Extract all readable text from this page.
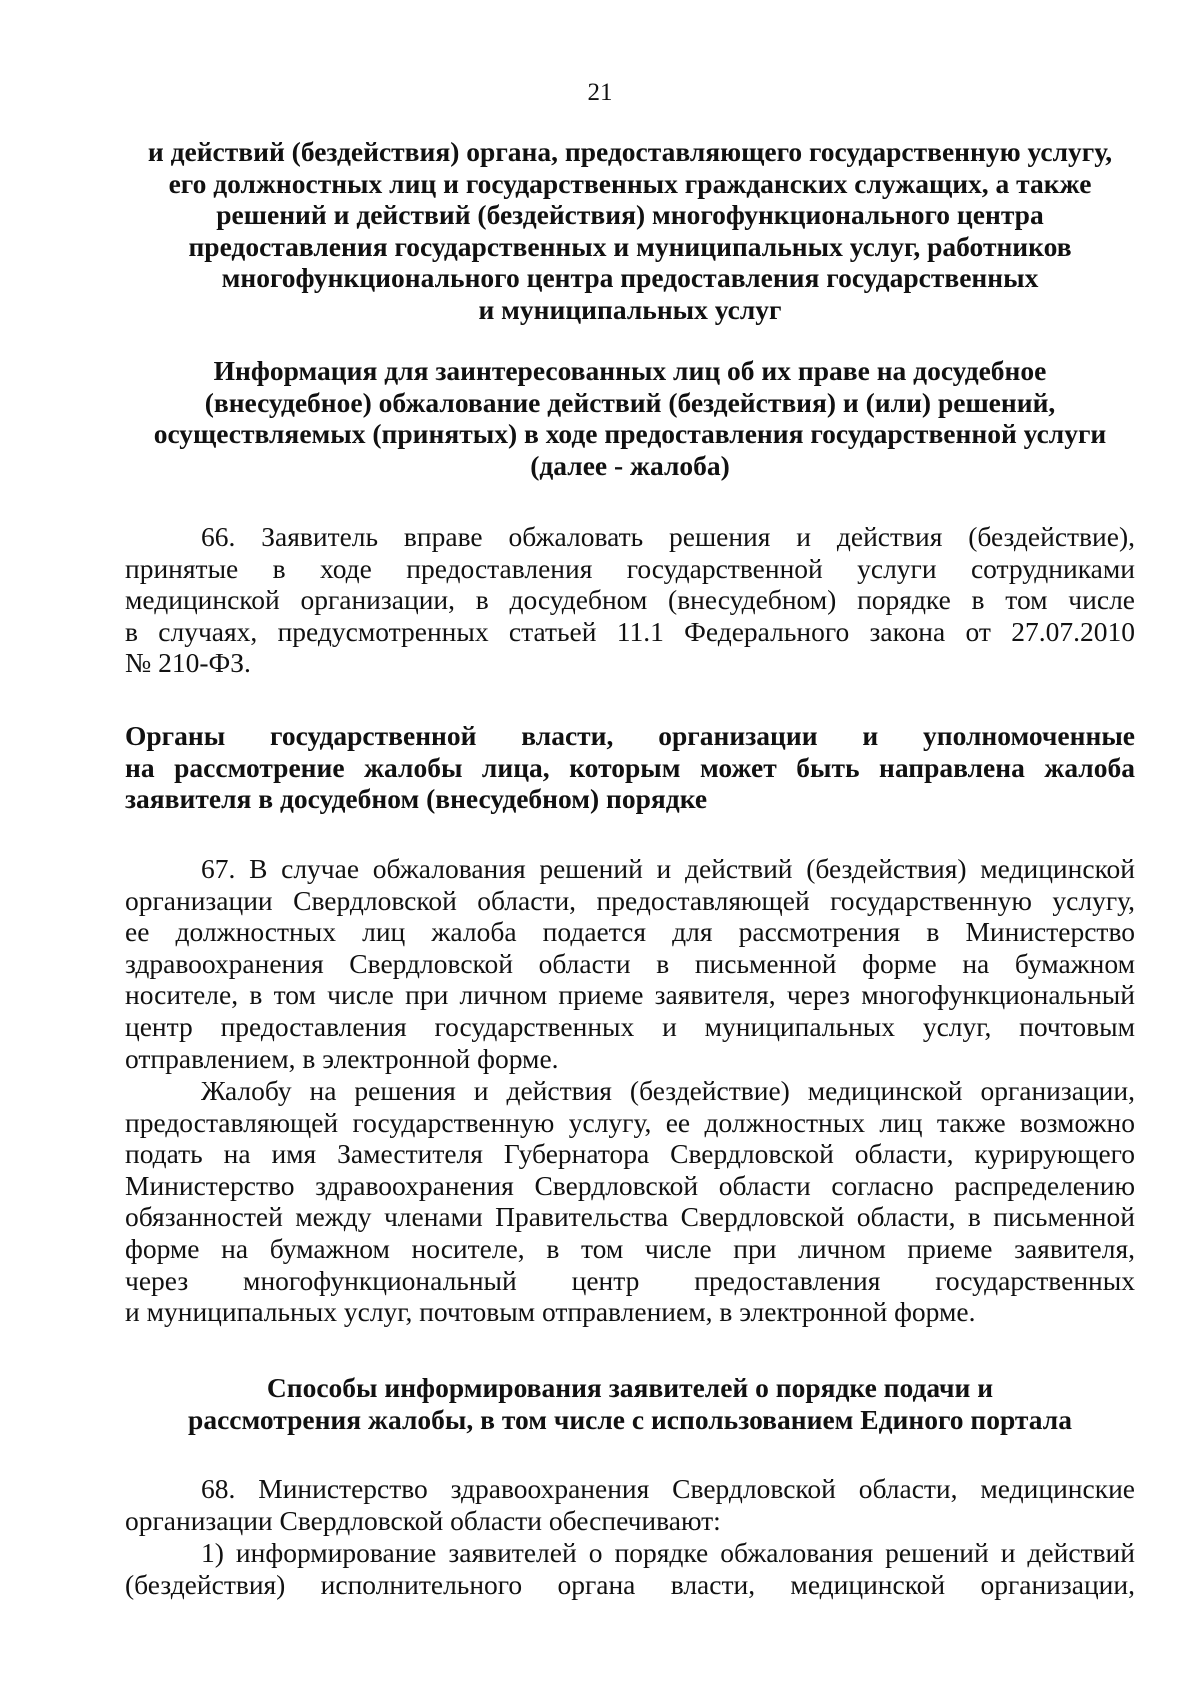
21
и действий (бездействия) органа, предоставляющего государственную услугу,
его должностных лиц и государственных гражданских служащих, а также
решений и действий (бездействия) многофункционального центра
предоставления государственных и муниципальных услуг, работников
многофункционального центра предоставления государственных
и муниципальных услуг
Информация для заинтересованных лиц об их праве на досудебное
(внесудебное) обжалование действий (бездействия) и (или) решений,
осуществляемых (принятых) в ходе предоставления государственной услуги
(далее - жалоба)
66. Заявитель вправе обжаловать решения и действия (бездействие),
принятые в ходе предоставления государственной услуги сотрудниками
медицинской организации, в досудебном (внесудебном) порядке в том числе
в случаях, предусмотренных статьей 11.1 Федерального закона от 27.07.2010
№ 210-ФЗ.
Органы государственной власти, организации и уполномоченные
на рассмотрение жалобы лица, которым может быть направлена жалоба
заявителя в досудебном (внесудебном) порядке
67. В случае обжалования решений и действий (бездействия) медицинской
организации Свердловской области, предоставляющей государственную услугу,
ее должностных лиц жалоба подается для рассмотрения в Министерство
здравоохранения Свердловской области в письменной форме на бумажном
носителе, в том числе при личном приеме заявителя, через многофункциональный
центр предоставления государственных и муниципальных услуг, почтовым
отправлением, в электронной форме.
Жалобу на решения и действия (бездействие) медицинской организации,
предоставляющей государственную услугу, ее должностных лиц также возможно
подать на имя Заместителя Губернатора Свердловской области, курирующего
Министерство здравоохранения Свердловской области согласно распределению
обязанностей между членами Правительства Свердловской области, в письменной
форме на бумажном носителе, в том числе при личном приеме заявителя,
через многофункциональный центр предоставления государственных
и муниципальных услуг, почтовым отправлением, в электронной форме.
Способы информирования заявителей о порядке подачи и
рассмотрения жалобы, в том числе с использованием Единого портала
68. Министерство здравоохранения Свердловской области, медицинские
организации Свердловской области обеспечивают:
1) информирование заявителей о порядке обжалования решений и действий
(бездействия) исполнительного органа власти, медицинской организации,
